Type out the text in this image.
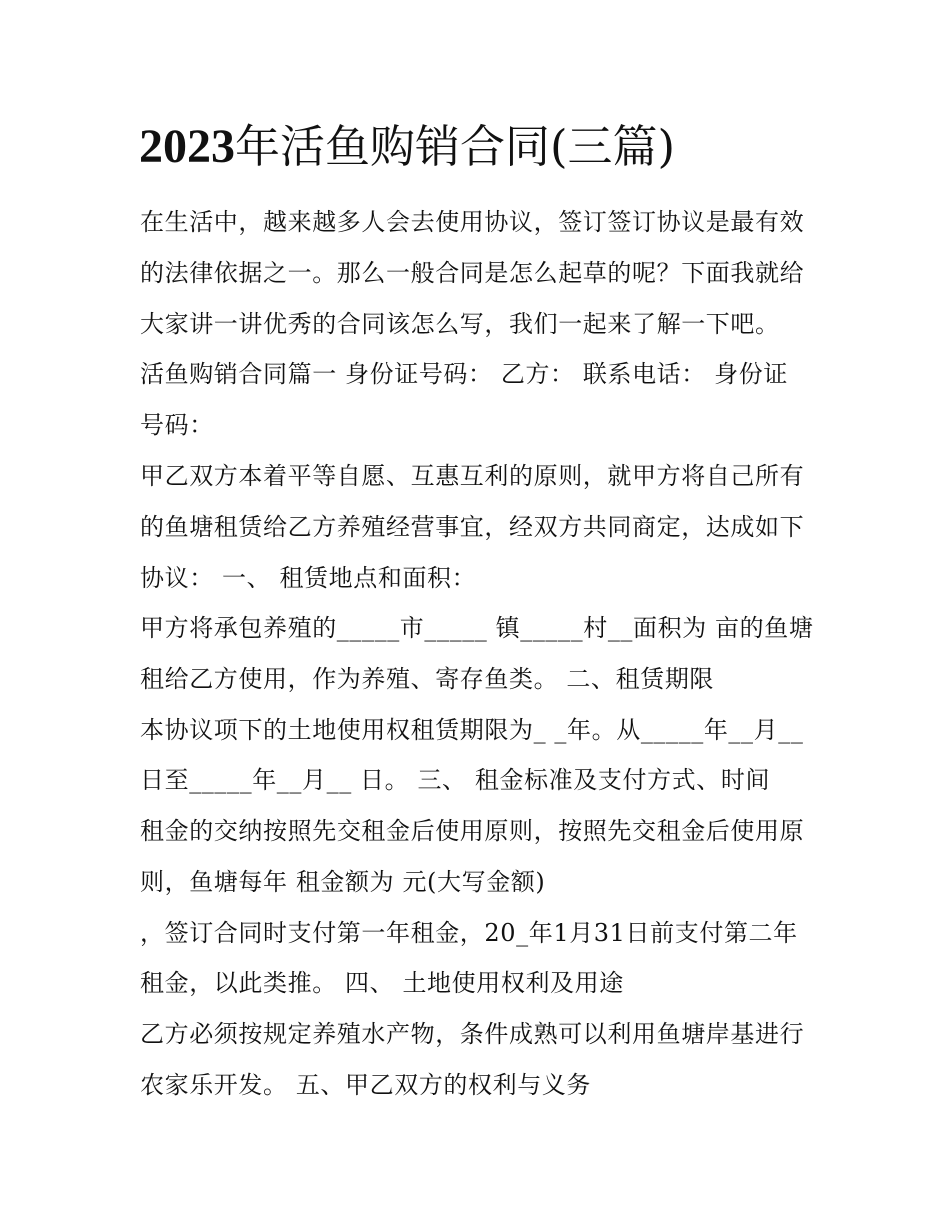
2023年活鱼购销合同(三篇)

在生活中，越来越多人会去使用协议，签订签订协议是最有效

的法律依据之一。那么一般合同是怎么起草的呢？下面我就给

大家讲一讲优秀的合同该怎么写，我们一起来了解一下吧。

活鱼购销合同篇一 身份证号码： 乙方： 联系电话： 身份证

号码：

甲乙双方本着平等自愿、互惠互利的原则，就甲方将自己所有

的鱼塘租赁给乙方养殖经营事宜，经双方共同商定，达成如下

协议： 一、 租赁地点和面积：

甲方将承包养殖的_____市_____ 镇_____村__面积为 亩的鱼塘

租给乙方使用，作为养殖、寄存鱼类。 二、租赁期限

本协议项下的土地使用权租赁期限为_ _年。从_____年__月__

日至_____年__月__ 日。 三、 租金标准及支付方式、时间

租金的交纳按照先交租金后使用原则，按照先交租金后使用原

则，鱼塘每年 租金额为 元(大写金额)

，签订合同时支付第一年租金，20_年1月31日前支付第二年

租金，以此类推。 四、 土地使用权利及用途

乙方必须按规定养殖水产物，条件成熟可以利用鱼塘岸基进行

农家乐开发。 五、甲乙双方的权利与义务
